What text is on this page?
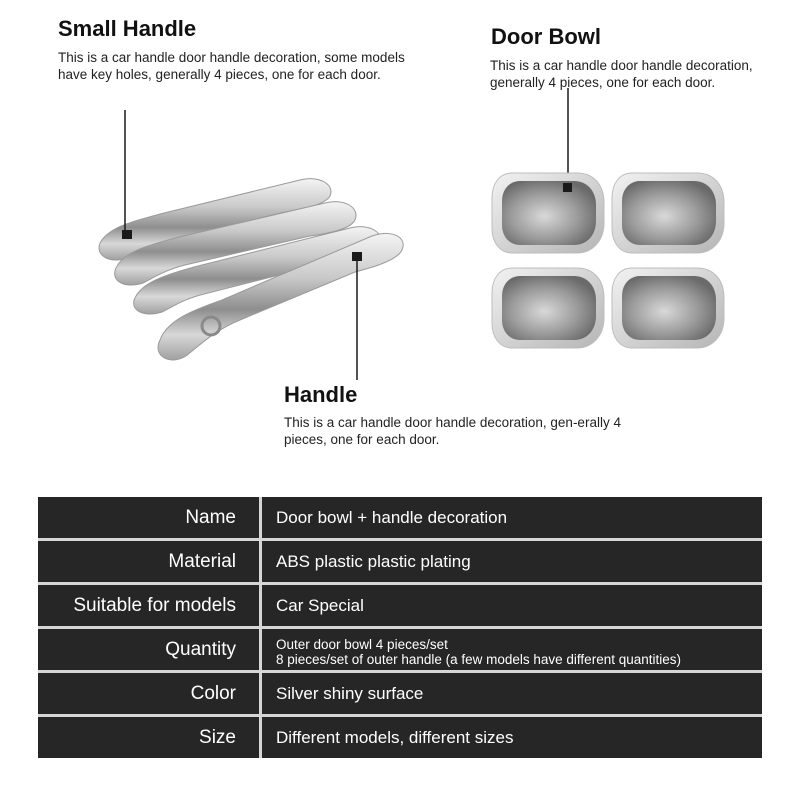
Small Handle

This is a car handle door handle decoration, some models have key holes, generally 4 pieces, one for each door.

Door Bowl

This is a car handle door handle decoration, generally 4 pieces, one for each door.

Handle

This is a car handle door handle decoration, gen-erally 4 pieces, one for each door.

Name	Door bowl + handle decoration
Material	ABS plastic plastic plating
Suitable for models	Car Special
Quantity	Outer door bowl 4 pieces/set
8 pieces/set of outer handle (a few models have different quantities)
Color	Silver shiny surface
Size	Different models, different sizes
